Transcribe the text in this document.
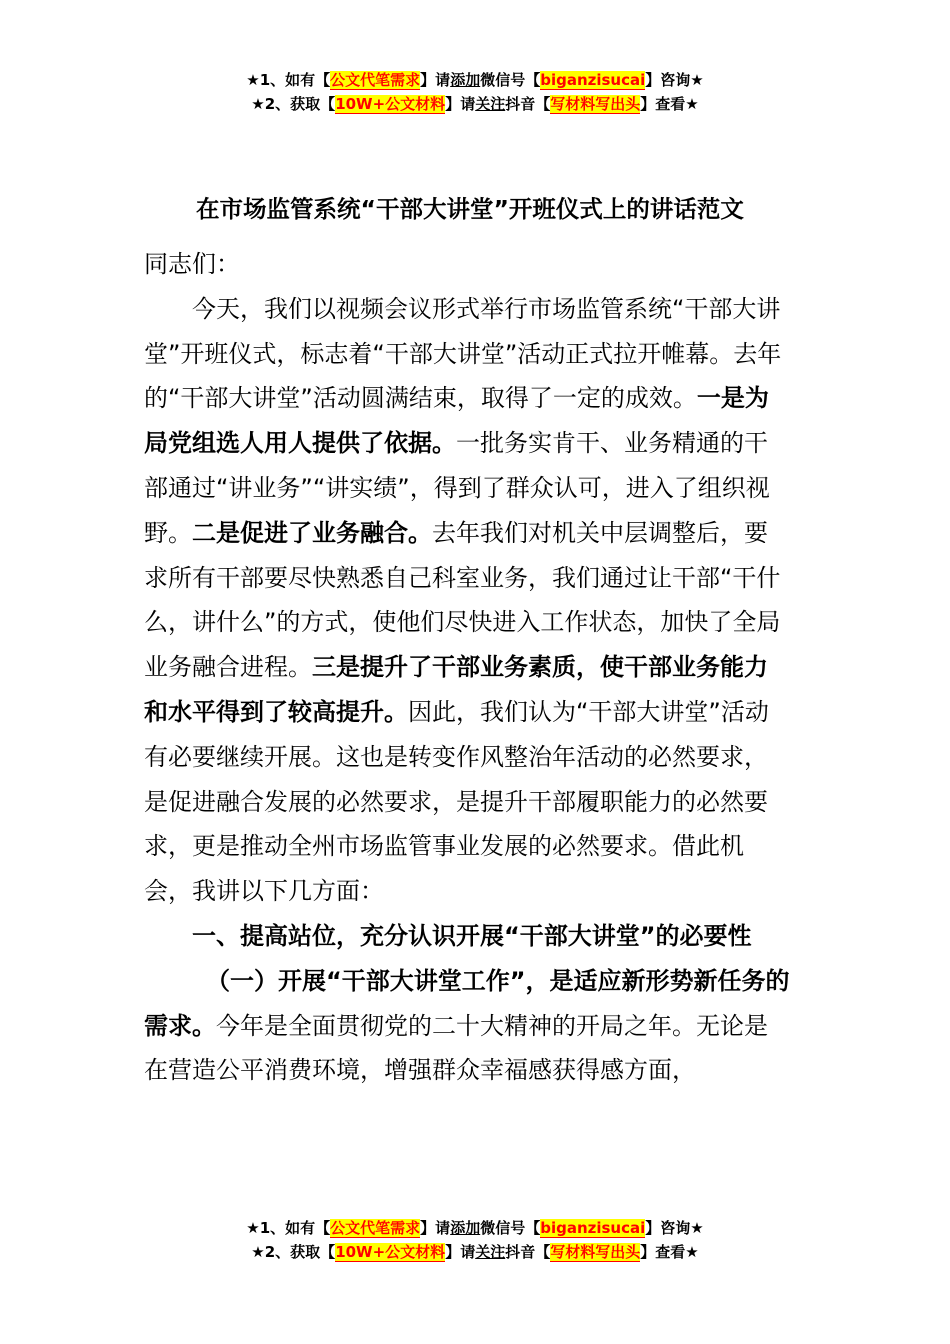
★1、如有【公文代笔需求】请添加微信号【biganzisucai】咨询★
★2、获取【10W+公文材料】请关注抖音【写材料写出头】查看★
在市场监管系统“干部大讲堂”开班仪式上的讲话范文

同志们：

今天，我们以视频会议形式举行市场监管系统“干部大讲堂”开班仪式，标志着“干部大讲堂”活动正式拉开帷幕。去年的“干部大讲堂”活动圆满结束，取得了一定的成效。一是为局党组选人用人提供了依据。一批务实肯干、业务精通的干部通过“讲业务”“讲实绩”，得到了群众认可，进入了组织视野。二是促进了业务融合。去年我们对机关中层调整后，要求所有干部要尽快熟悉自己科室业务，我们通过让干部“干什么，讲什么”的方式，使他们尽快进入工作状态，加快了全局业务融合进程。三是提升了干部业务素质，使干部业务能力和水平得到了较高提升。因此，我们认为“干部大讲堂”活动有必要继续开展。这也是转变作风整治年活动的必然要求，是促进融合发展的必然要求，是提升干部履职能力的必然要求，更是推动全州市场监管事业发展的必然要求。借此机会，我讲以下几方面：

一、提高站位，充分认识开展“干部大讲堂”的必要性

（一）开展“干部大讲堂工作”，是适应新形势新任务的需求。今年是全面贯彻党的二十大精神的开局之年。无论是在营造公平消费环境，增强群众幸福感获得感方面，

★1、如有【公文代笔需求】请添加微信号【biganzisucai】咨询★
★2、获取【10W+公文材料】请关注抖音【写材料写出头】查看★
